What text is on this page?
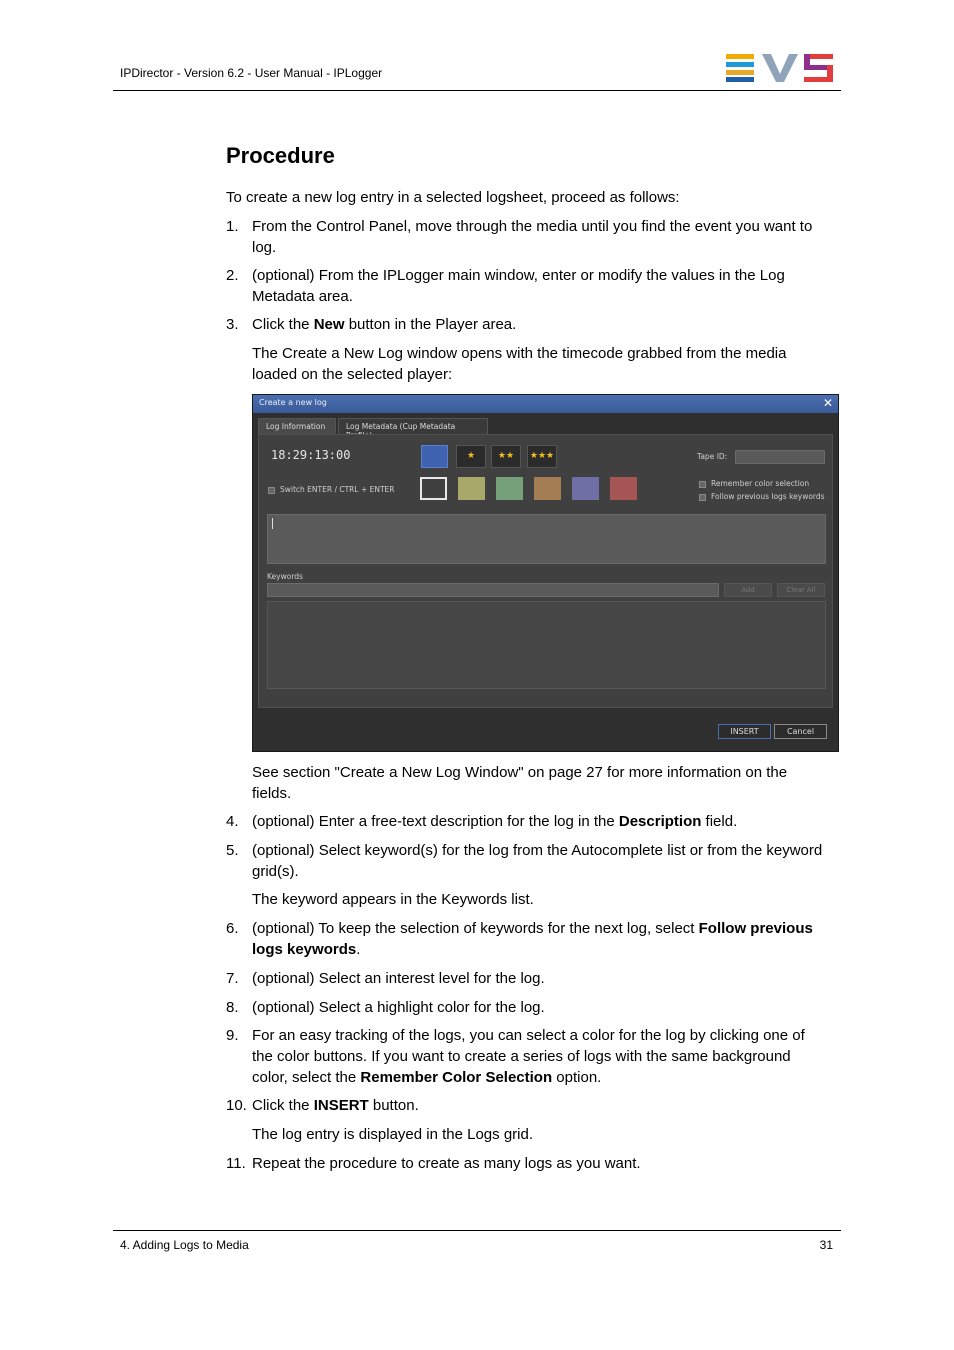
IPDirector - Version 6.2 - User Manual - IPLogger
Procedure
To create a new log entry in a selected logsheet, proceed as follows:
1. From the Control Panel, move through the media until you find the event you want to log.
2. (optional) From the IPLogger main window, enter or modify the values in the Log Metadata area.
3. Click the New button in the Player area.
The Create a New Log window opens with the timecode grabbed from the media loaded on the selected player:
Create a new log	✕
Log Information	Log Metadata (Cup Metadata
18:29:13:00	★	★★	★★★
Switch ENTER / CTRL + ENTER
Tape ID:
Remember color selection
Follow previous logs keywords
Keywords
Add	Clear All
INSERT	Cancel
See section "Create a New Log Window" on page 27 for more information on the fields.
4. (optional) Enter a free-text description for the log in the Description field.
5. (optional) Select keyword(s) for the log from the Autocomplete list or from the keyword grid(s).
The keyword appears in the Keywords list.
6. (optional) To keep the selection of keywords for the next log, select Follow previous logs keywords.
7. (optional) Select an interest level for the log.
8. (optional) Select a highlight color for the log.
9. For an easy tracking of the logs, you can select a color for the log by clicking one of the color buttons. If you want to create a series of logs with the same background color, select the Remember Color Selection option.
10. Click the INSERT button.
The log entry is displayed in the Logs grid.
11. Repeat the procedure to create as many logs as you want.
4. Adding Logs to Media	31
